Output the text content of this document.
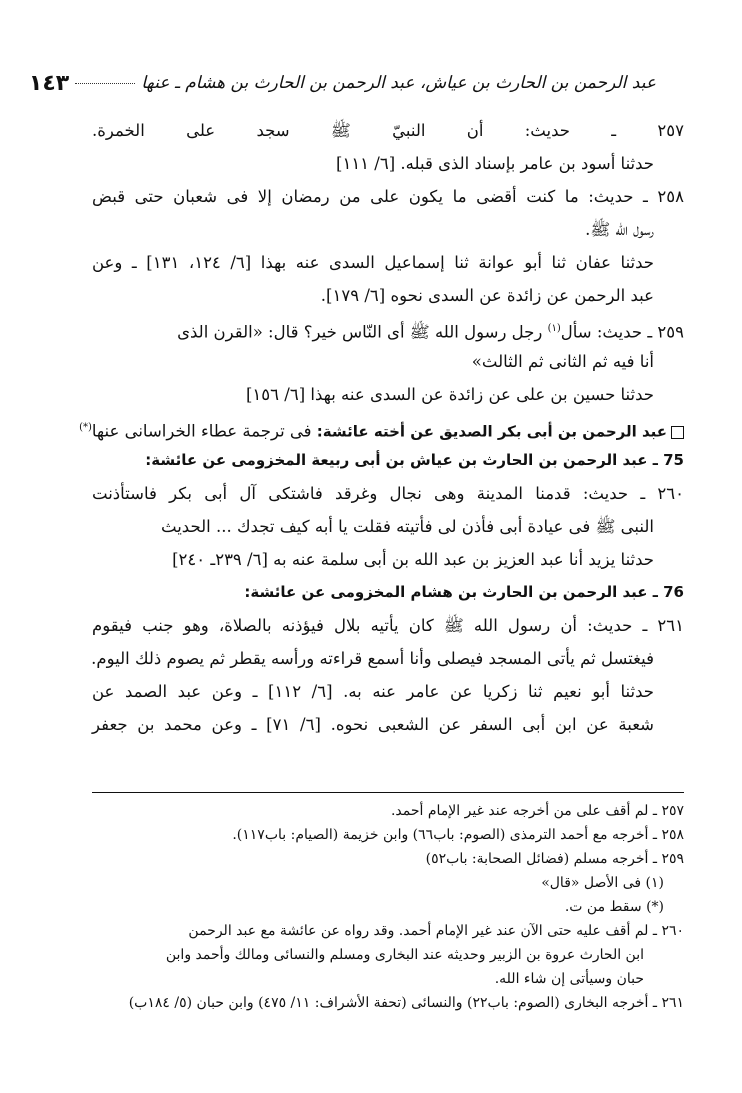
عبد الرحمن بن الحارث بن عياش، عبد الرحمن بن الحارث بن هشام ـ عنها
١٤٣
٢٥٧ ـ حديث: أن النبيّ ﷺ سجد على الخمرة.
حدثنا أسود بن عامر بإسناد الذى قبله. [٦/ ١١١]
٢٥٨ ـ حديث: ما كنت أقضى ما يكون على من رمضان إلا فى شعبان حتى قبض
رسول الله ﷺ.
حدثنا عفان ثنا أبو عوانة ثنا إسماعيل السدى عنه بهذا [٦/ ١٢٤، ١٣١] ـ وعن
عبد الرحمن عن زائدة عن السدى نحوه [٦/ ١٧٩].
٢٥٩ ـ حديث: سأل$^{(١)}$ رجل رسول الله ﷺ أى النّاس خير؟ قال: «القرن الذى
أنا فيه ثم الثانى ثم الثالث»
حدثنا حسين بن على عن زائدة عن السدى عنه بهذا [٦/ ١٥٦]
عبد الرحمن بن أبى بكر الصديق عن أخته عائشة: فى ترجمة عطاء الخراسانى عنها(*)
75 ـ عبد الرحمن بن الحارث بن عياش بن أبى ربيعة المخزومى عن عائشة:
٢٦٠ ـ حديث: قدمنا المدينة وهى نجال وغرقد فاشتكى آل أبى بكر فاستأذنت
النبى ﷺ فى عيادة أبى فأذن لى فأتيته فقلت يا أبه كيف تجدك ... الحديث
حدثنا يزيد أنا عبد العزيز بن عبد الله بن أبى سلمة عنه به [٦/ ٢٣٩ـ ٢٤٠]
76 ـ عبد الرحمن بن الحارث بن هشام المخزومى عن عائشة:
٢٦١ ـ حديث: أن رسول الله ﷺ كان يأتيه بلال فيؤذنه بالصلاة، وهو جنب فيقوم
فيغتسل ثم يأتى المسجد فيصلى وأنا أسمع قراءته ورأسه يقطر ثم يصوم ذلك اليوم.
حدثنا أبو نعيم ثنا زكريا عن عامر عنه به. [٦/ ١١٢] ـ وعن عبد الصمد عن
شعبة عن ابن أبى السفر عن الشعبى نحوه. [٦/ ٧١] ـ وعن محمد بن جعفر
٢٥٧ ـ لم أقف على من أخرجه عند غير الإمام أحمد.
٢٥٨ ـ أخرجه مع أحمد الترمذى (الصوم: باب٦٦) وابن خزيمة (الصيام: باب١١٧).
٢٥٩ ـ أخرجه مسلم (فضائل الصحابة: باب٥٢)
(١) فى الأصل «قال»
(*) سقط من ت.
٢٦٠ ـ لم أقف عليه حتى الآن عند غير الإمام أحمد. وقد رواه عن عائشة مع عبد الرحمن
ابن الحارث عروة بن الزبير وحديثه عند البخارى ومسلم والنسائى ومالك وأحمد وابن
حبان وسيأتى إن شاء الله.
٢٦١ ـ أخرجه البخارى (الصوم: باب٢٢) والنسائى (تحفة الأشراف: ١١/ ٤٧٥) وابن حبان (٥/ ١٨٤ب)
